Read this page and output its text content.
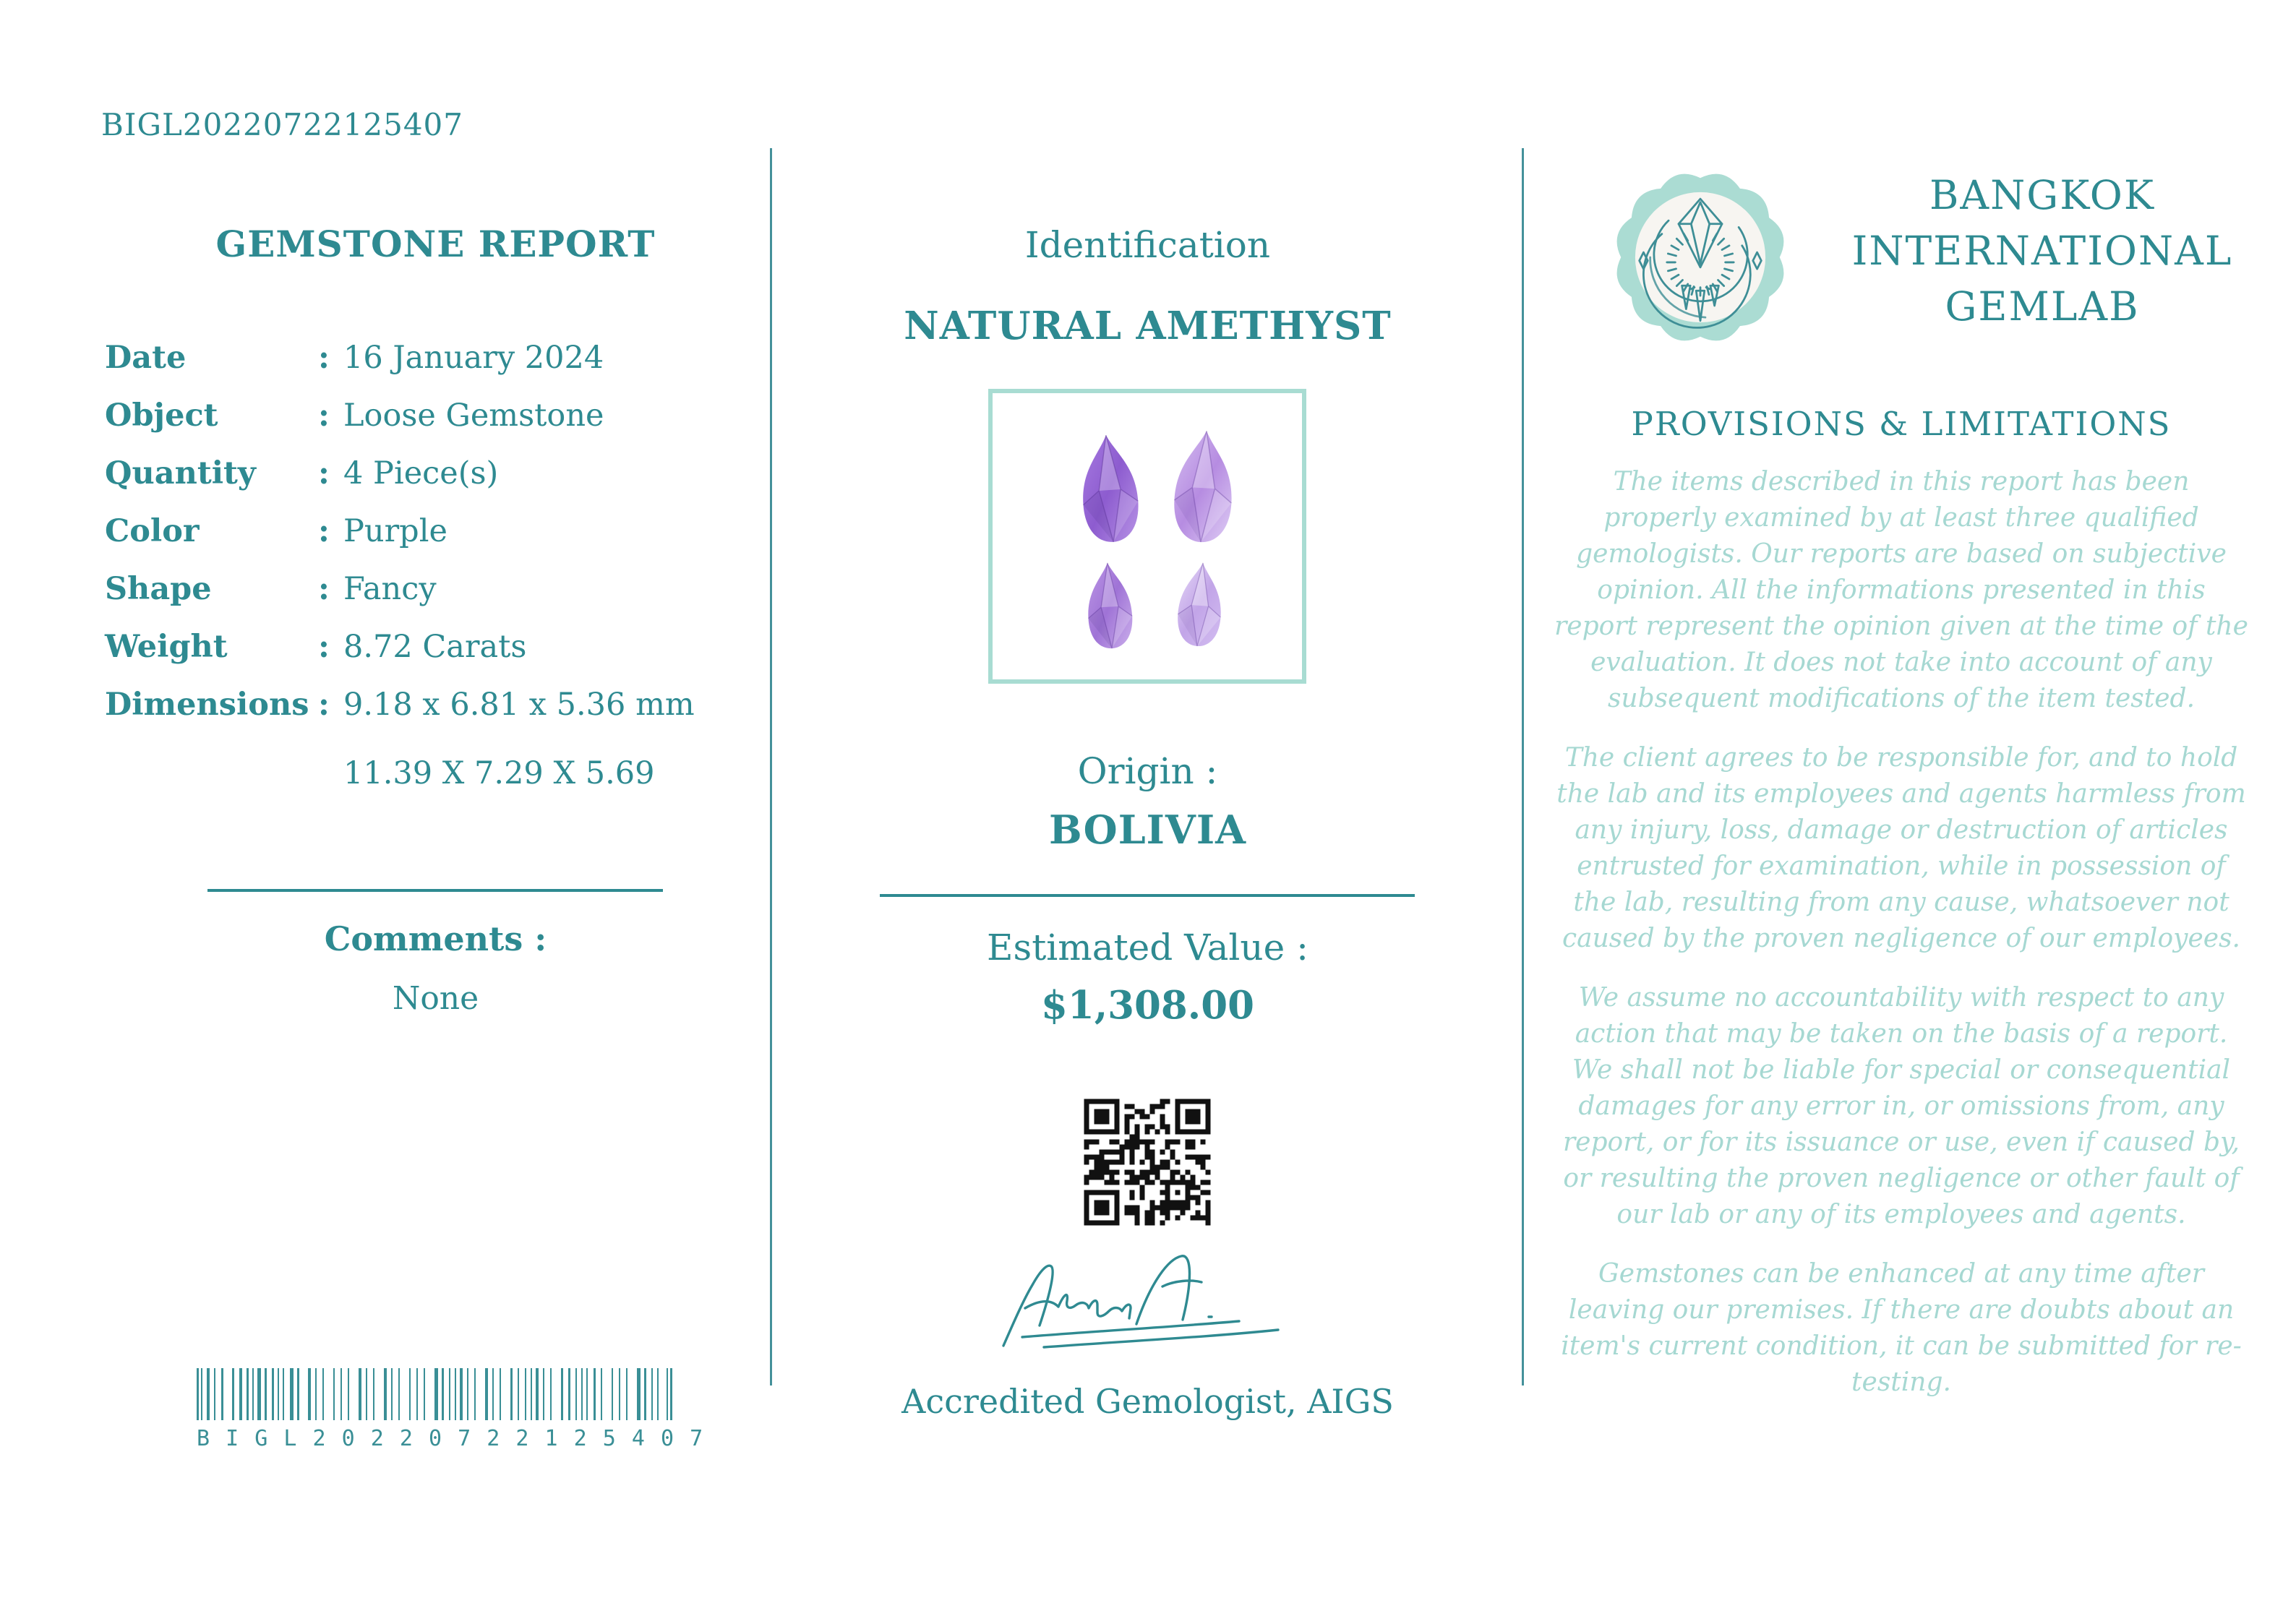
BIGL20220722125407
GEMSTONE REPORT
Date	: 16 January 2024
Object	: Loose Gemstone
Quantity	: 4 Piece(s)
Color	: Purple
Shape	: Fancy
Weight	: 8.72 Carats
Dimensions : 9.18 x 6.81 x 5.36 mm
11.39 X 7.29 X 5.69
Comments :
None
B I G L 2 0 2 2 0 7 2 2 1 2 5 4 0 7
Identification
NATURAL AMETHYST
Origin :
BOLIVIA
Estimated Value :
$1,308.00
Accredited Gemologist, AIGS
BANGKOK
INTERNATIONAL
GEMLAB
PROVISIONS & LIMITATIONS

The items described in this report has been properly examined by at least three qualified gemologists. Our reports are based on subjective opinion. All the informations presented in this report represent the opinion given at the time of the evaluation. It does not take into account of any subsequent modifications of the item tested.

The client agrees to be responsible for, and to hold the lab and its employees and agents harmless from any injury, loss, damage or destruction of articles entrusted for examination, while in possession of the lab, resulting from any cause, whatsoever not caused by the proven negligence of our employees.

We assume no accountability with respect to any action that may be taken on the basis of a report. We shall not be liable for special or consequential damages for any error in, or omissions from, any report, or for its issuance or use, even if caused by, or resulting the proven negligence or other fault of our lab or any of its employees and agents.

Gemstones can be enhanced at any time after leaving our premises. If there are doubts about an item's current condition, it can be submitted for re-testing.
